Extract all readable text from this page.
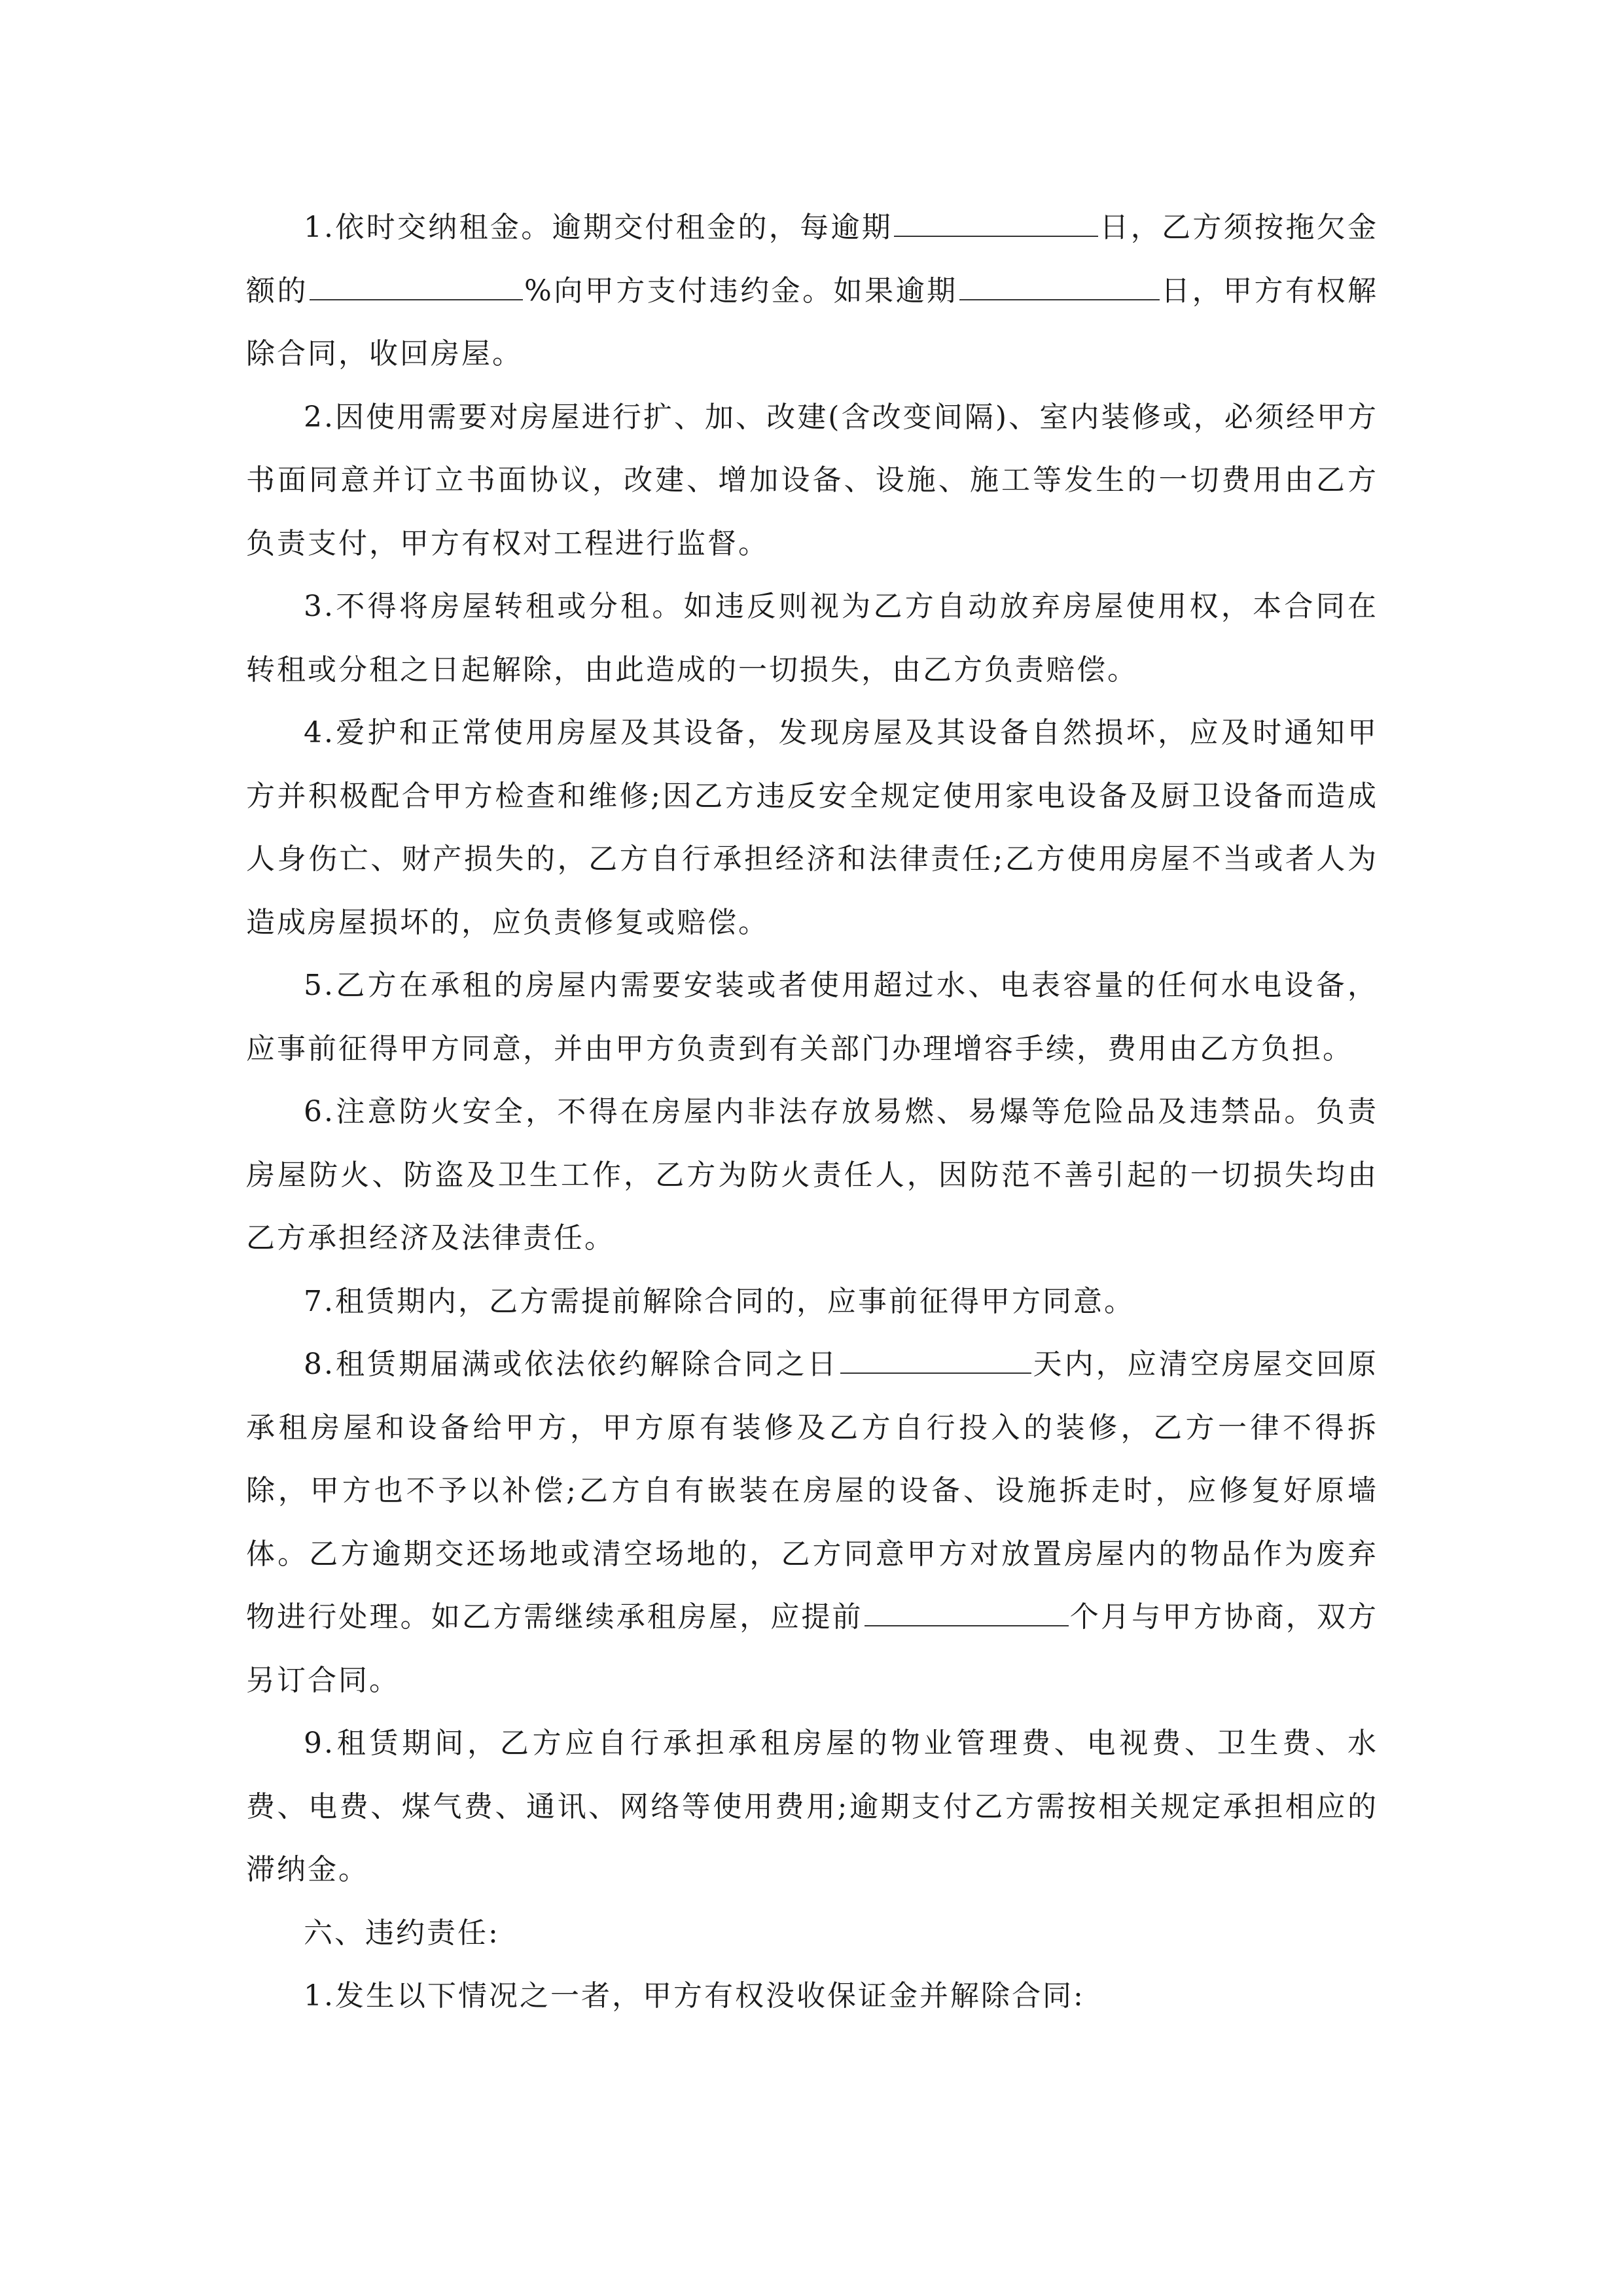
1.依时交纳租金。逾期交付租金的，每逾期	日，乙方须按拖欠金额的	%向甲方支付违约金。如果逾期	日，甲方有权解除合同，收回房屋。

2.因使用需要对房屋进行扩、加、改建(含改变间隔)、室内装修或，必须经甲方书面同意并订立书面协议，改建、增加设备、设施、施工等发生的一切费用由乙方负责支付，甲方有权对工程进行监督。

3.不得将房屋转租或分租。如违反则视为乙方自动放弃房屋使用权，本合同在转租或分租之日起解除，由此造成的一切损失，由乙方负责赔偿。

4.爱护和正常使用房屋及其设备，发现房屋及其设备自然损坏，应及时通知甲方并积极配合甲方检查和维修;因乙方违反安全规定使用家电设备及厨卫设备而造成人身伤亡、财产损失的，乙方自行承担经济和法律责任;乙方使用房屋不当或者人为造成房屋损坏的，应负责修复或赔偿。

5.乙方在承租的房屋内需要安装或者使用超过水、电表容量的任何水电设备，应事前征得甲方同意，并由甲方负责到有关部门办理增容手续，费用由乙方负担。

6.注意防火安全，不得在房屋内非法存放易燃、易爆等危险品及违禁品。负责房屋防火、防盗及卫生工作，乙方为防火责任人，因防范不善引起的一切损失均由乙方承担经济及法律责任。

7.租赁期内，乙方需提前解除合同的，应事前征得甲方同意。

8.租赁期届满或依法依约解除合同之日	天内，应清空房屋交回原承租房屋和设备给甲方，甲方原有装修及乙方自行投入的装修，乙方一律不得拆除，甲方也不予以补偿;乙方自有嵌装在房屋的设备、设施拆走时，应修复好原墙体。乙方逾期交还场地或清空场地的，乙方同意甲方对放置房屋内的物品作为废弃物进行处理。如乙方需继续承租房屋，应提前	个月与甲方协商，双方另订合同。

9.租赁期间，乙方应自行承担承租房屋的物业管理费、电视费、卫生费、水费、电费、煤气费、通讯、网络等使用费用;逾期支付乙方需按相关规定承担相应的滞纳金。

六、违约责任:

1.发生以下情况之一者，甲方有权没收保证金并解除合同:
